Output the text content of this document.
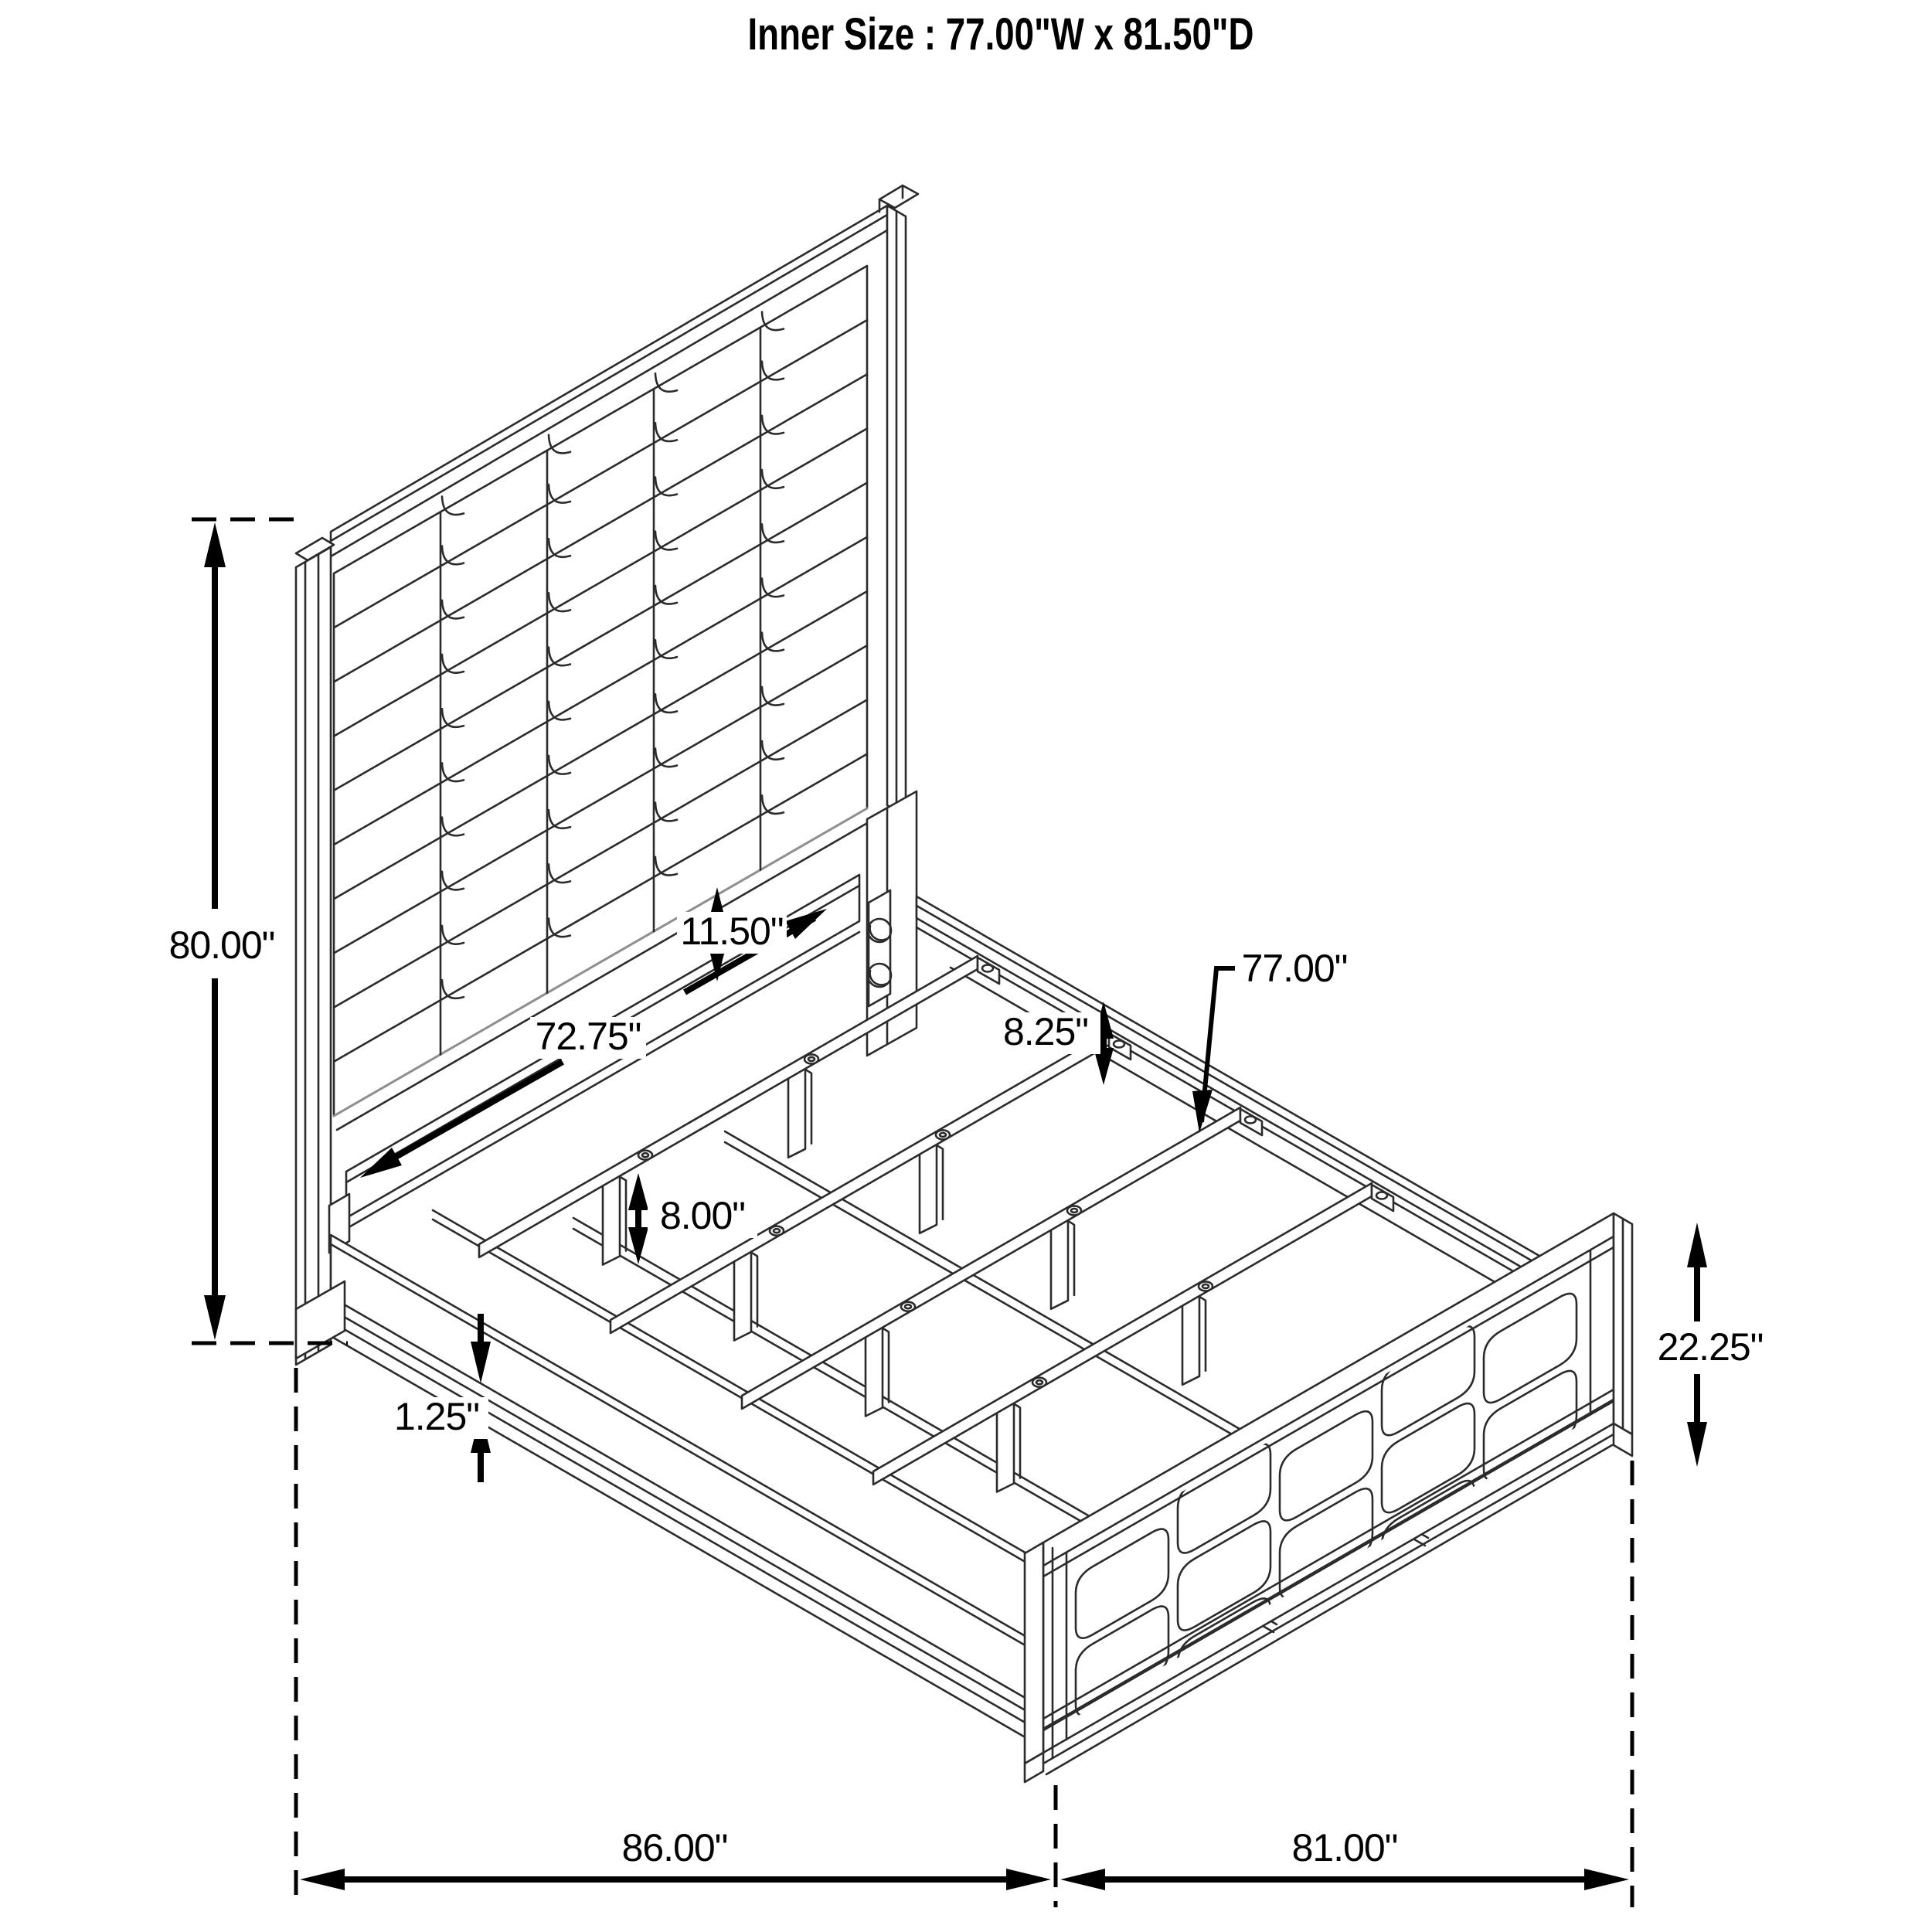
80.00"	11.50"
72.75"	8.25"
77.00"
8.00"
1.25"
22.25"
86.00"	81.00"
Inner Size : 77.00"W x 81.50"D
